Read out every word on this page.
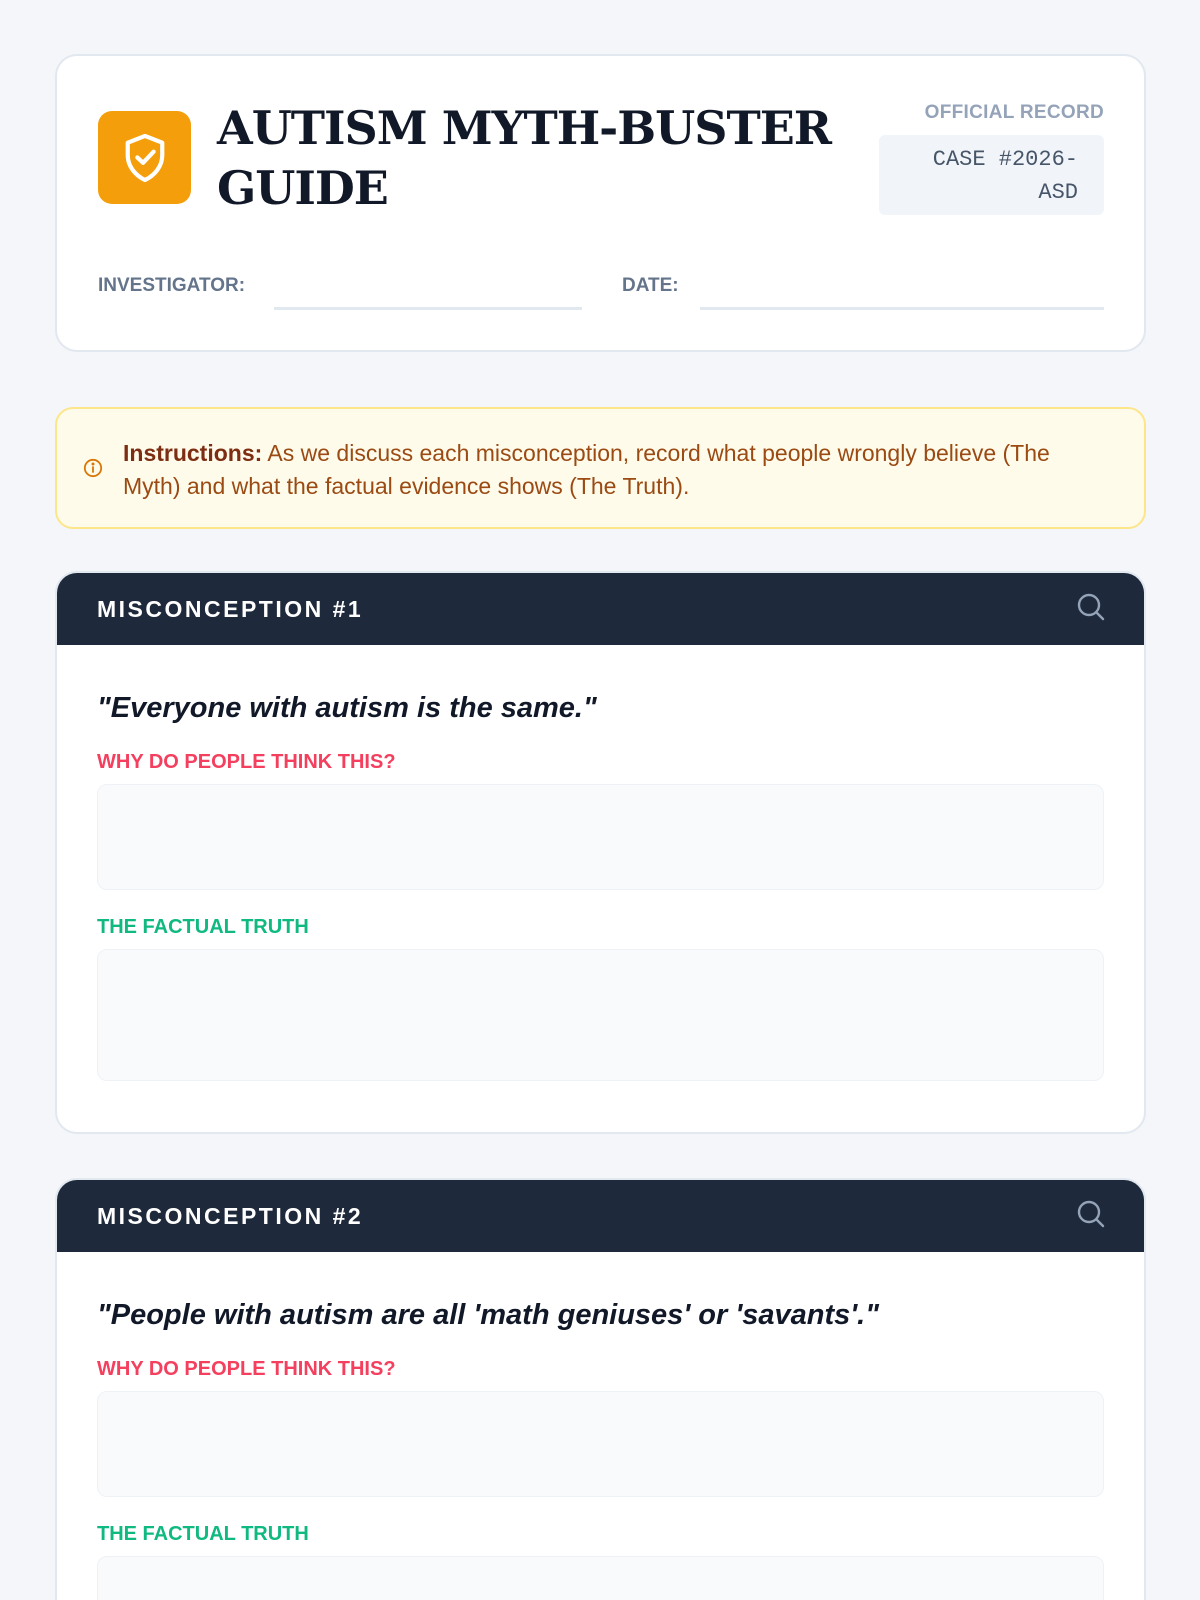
AUTISM MYTH-BUSTER GUIDE
OFFICIAL RECORD
CASE #2026-ASD
INVESTIGATOR:	DATE:
Instructions: As we discuss each misconception, record what people wrongly believe (The Myth) and what the factual evidence shows (The Truth).
MISCONCEPTION #1
"Everyone with autism is the same."
WHY DO PEOPLE THINK THIS?
THE FACTUAL TRUTH
MISCONCEPTION #2
"People with autism are all 'math geniuses' or 'savants'."
WHY DO PEOPLE THINK THIS?
THE FACTUAL TRUTH
